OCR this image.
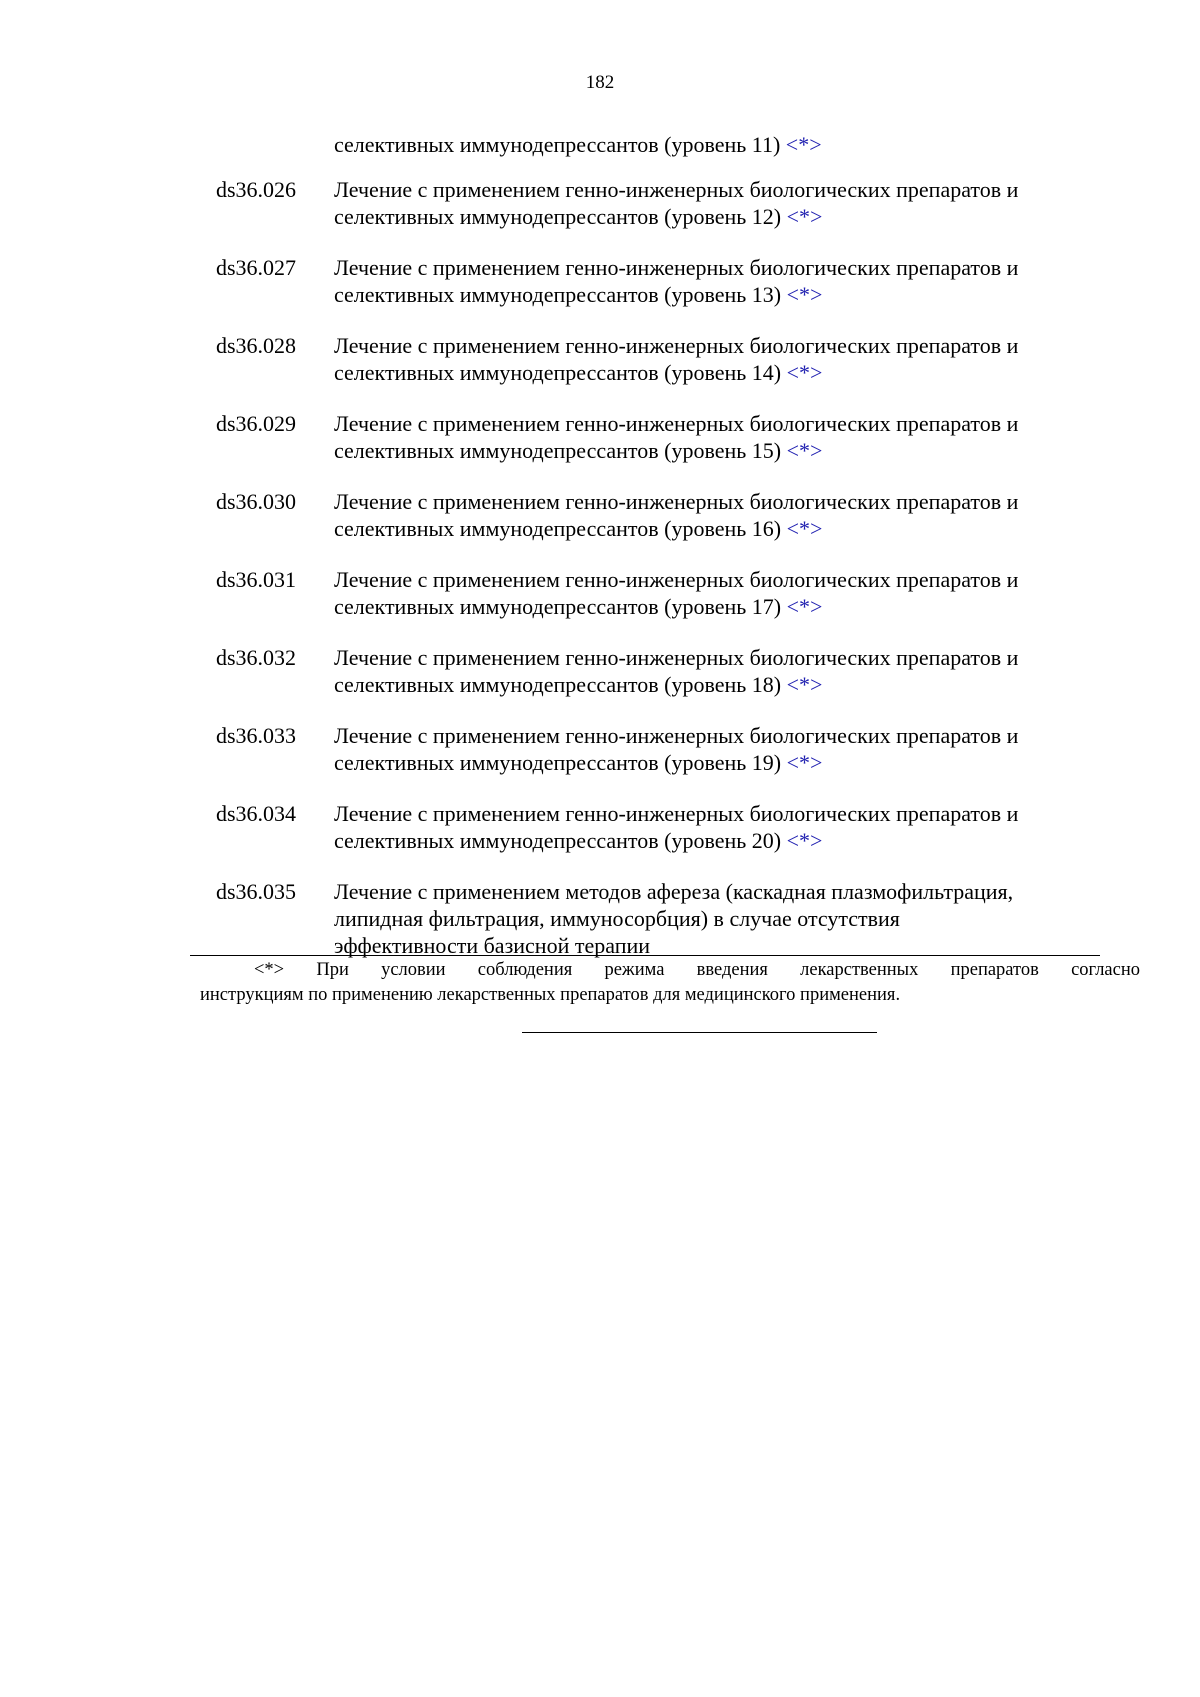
182
селективных иммунодепрессантов (уровень 11) <*>
ds36.026 Лечение с применением генно-инженерных биологических препаратов и
селективных иммунодепрессантов (уровень 12) <*>
ds36.027 Лечение с применением генно-инженерных биологических препаратов и
селективных иммунодепрессантов (уровень 13) <*>
ds36.028 Лечение с применением генно-инженерных биологических препаратов и
селективных иммунодепрессантов (уровень 14) <*>
ds36.029 Лечение с применением генно-инженерных биологических препаратов и
селективных иммунодепрессантов (уровень 15) <*>
ds36.030 Лечение с применением генно-инженерных биологических препаратов и
селективных иммунодепрессантов (уровень 16) <*>
ds36.031 Лечение с применением генно-инженерных биологических препаратов и
селективных иммунодепрессантов (уровень 17) <*>
ds36.032 Лечение с применением генно-инженерных биологических препаратов и
селективных иммунодепрессантов (уровень 18) <*>
ds36.033 Лечение с применением генно-инженерных биологических препаратов и
селективных иммунодепрессантов (уровень 19) <*>
ds36.034 Лечение с применением генно-инженерных биологических препаратов и
селективных иммунодепрессантов (уровень 20) <*>
ds36.035 Лечение с применением методов афереза (каскадная плазмофильтрация,
липидная фильтрация, иммуносорбция) в случае отсутствия
эффективности базисной терапии
<*> При условии соблюдения режима введения лекарственных препаратов согласно
инструкциям по применению лекарственных препаратов для медицинского применения.
